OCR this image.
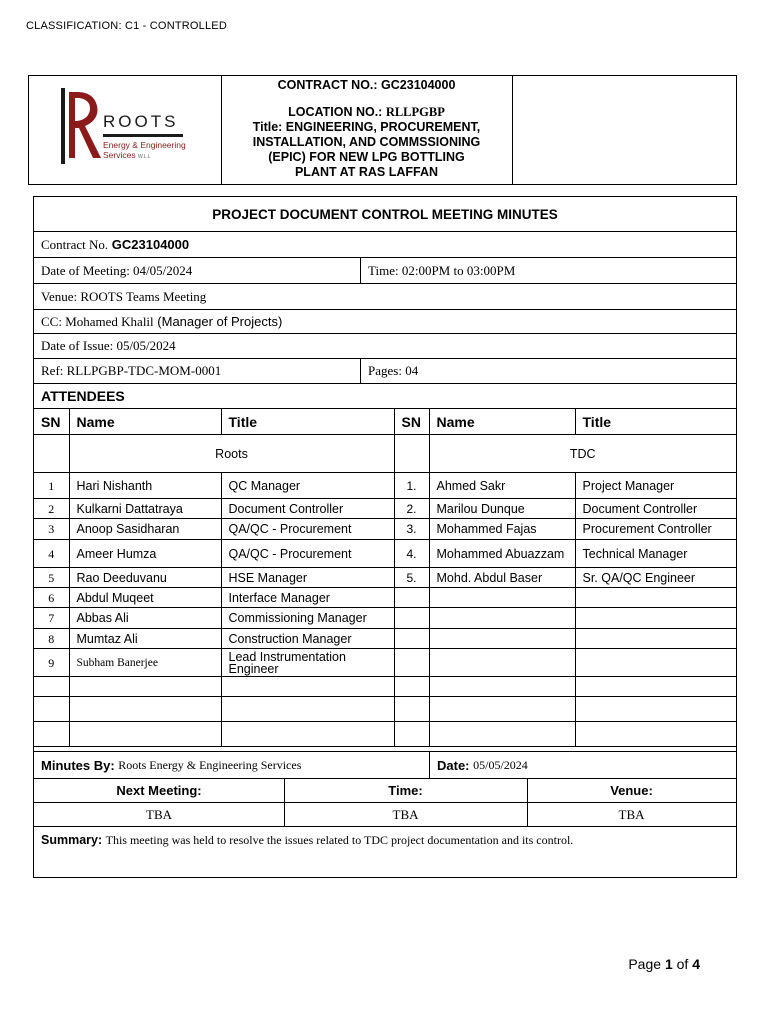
CLASSIFICATION: C1 - CONTROLLED
ROOTS
Energy & Engineering
Services W.L.L
CONTRACT NO.: GC23104000
LOCATION NO.: RLLPGBP
Title: ENGINEERING, PROCUREMENT,
INSTALLATION, AND COMMSSIONING
(EPIC) FOR NEW LPG BOTTLING
PLANT AT RAS LAFFAN
PROJECT DOCUMENT CONTROL MEETING MINUTES
Contract No.
GC23104000
Date of Meeting: 04/05/2024	Time: 02:00PM to 03:00PM
Venue: ROOTS Teams Meeting
CC: Mohamed Khalil
(Manager of Projects)
Date of Issue: 05/05/2024
Ref: RLLPGBP-TDC-MOM-0001	Pages: 04
ATTENDEES
SN	Name	Title	SN	Name	Title
	Roots			TDC	
1	Hari Nishanth	QC Manager	1.	Ahmed Sakr	Project Manager
2	Kulkarni Dattatraya	Document Controller	2.	Marilou Dunque	Document Controller
3	Anoop Sasidharan	QA/QC - Procurement	3.	Mohammed Fajas	Procurement Controller
4	Ameer Humza	QA/QC - Procurement	4.	Mohammed Abuazzam	Technical Manager
5	Rao Deeduvanu	HSE Manager	5.	Mohd. Abdul Baser	Sr. QA/QC Engineer
6	Abdul Muqeet	Interface Manager			
7	Abbas Ali	Commissioning Manager			
8	Mumtaz Ali	Construction Manager			
9	Subham Banerjee	Lead Instrumentation Engineer			

Minutes By:
Roots Energy & Engineering Services	Date:
05/05/2024
Next Meeting:	Time:	Venue:
TBA	TBA	TBA
Summary: This meeting was held to resolve the issues related to TDC project documentation and its control.
Page 1 of 4
